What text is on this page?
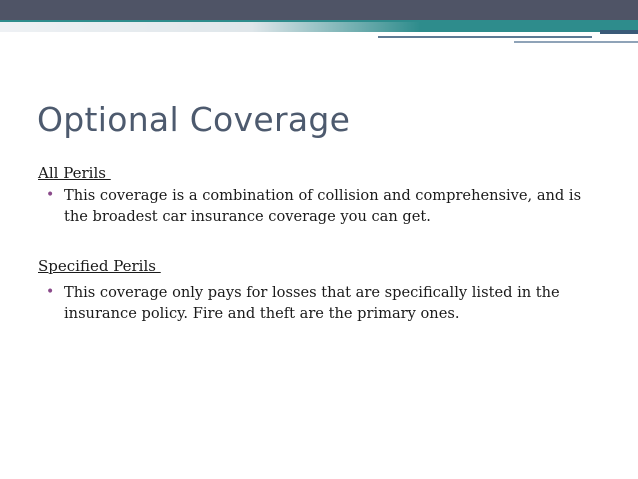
Optional Coverage
All Perils
• This coverage is a combination of collision and comprehensive, and is the broadest car insurance coverage you can get.
Specified Perils
• This coverage only pays for losses that are specifically listed in the insurance policy. Fire and theft are the primary ones.
